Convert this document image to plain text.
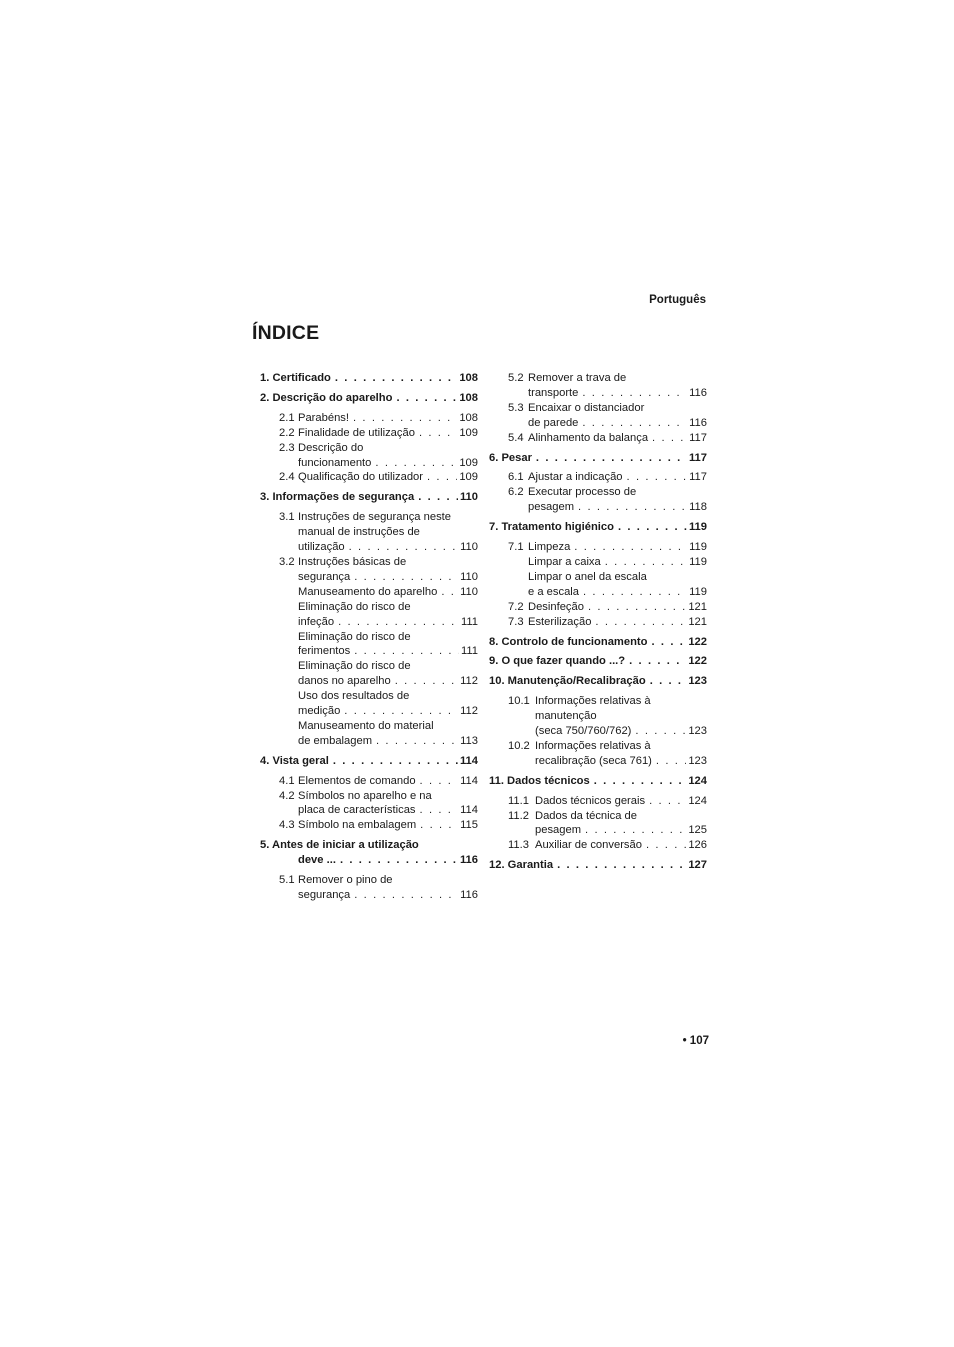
Português
ÍNDICE
1. Certificado . . .	108
2. Descrição do aparelho . . .	108
2.1 Parabéns! . . .	108
2.2 Finalidade de utilização . . .	109
2.3 Descrição do
funcionamento . . .	109
2.4 Qualificação do utilizador . . .	109
3. Informações de segurança . . .	110
3.1 Instruções de segurança neste
manual de instruções de
utilização . . .	110
3.2 Instruções básicas de
segurança . . .	110
Manuseamento do aparelho . . . 110
Eliminação do risco de
infeção . . .	111
Eliminação do risco de
ferimentos . . .	111
Eliminação do risco de
danos no aparelho . . .	112
Uso dos resultados de
medição . . .	112
Manuseamento do material
de embalagem . . .	113
4. Vista geral . . .	114
4.1 Elementos de comando . . .	114
4.2 Símbolos no aparelho e na
placa de características . . .	114
4.3 Símbolo na embalagem . . .	115
5. Antes de iniciar a utilização
deve ... . . .	116
5.1 Remover o pino de
segurança . . .	116
5.2 Remover a trava de
transporte . . .	116
5.3 Encaixar o distanciador
de parede . . .	116
5.4 Alinhamento da balança . . .	117
6. Pesar . . .	117
6.1 Ajustar a indicação . . .	117
6.2 Executar processo de
pesagem . . .	118
7. Tratamento higiénico . . .	119
7.1 Limpeza . . .	119
Limpar a caixa . . .	119
Limpar o anel da escala
e a escala . . .	119
7.2 Desinfeção . . .	121
7.3 Esterilização . . .	121
8. Controlo de funcionamento . . .	122
9. O que fazer quando ...? . . .	122
10. Manutenção/Recalibração . . .	123
10.1 Informações relativas à
manutenção
(seca 750/760/762) . . .	123
10.2 Informações relativas à
recalibração (seca 761) . . .	123
11. Dados técnicos . . .	124
11.1 Dados técnicos gerais . . .	124
11.2 Dados da técnica de
pesagem . . .	125
11.3 Auxiliar de conversão . . .	126
12. Garantia . . .	127
• 107
